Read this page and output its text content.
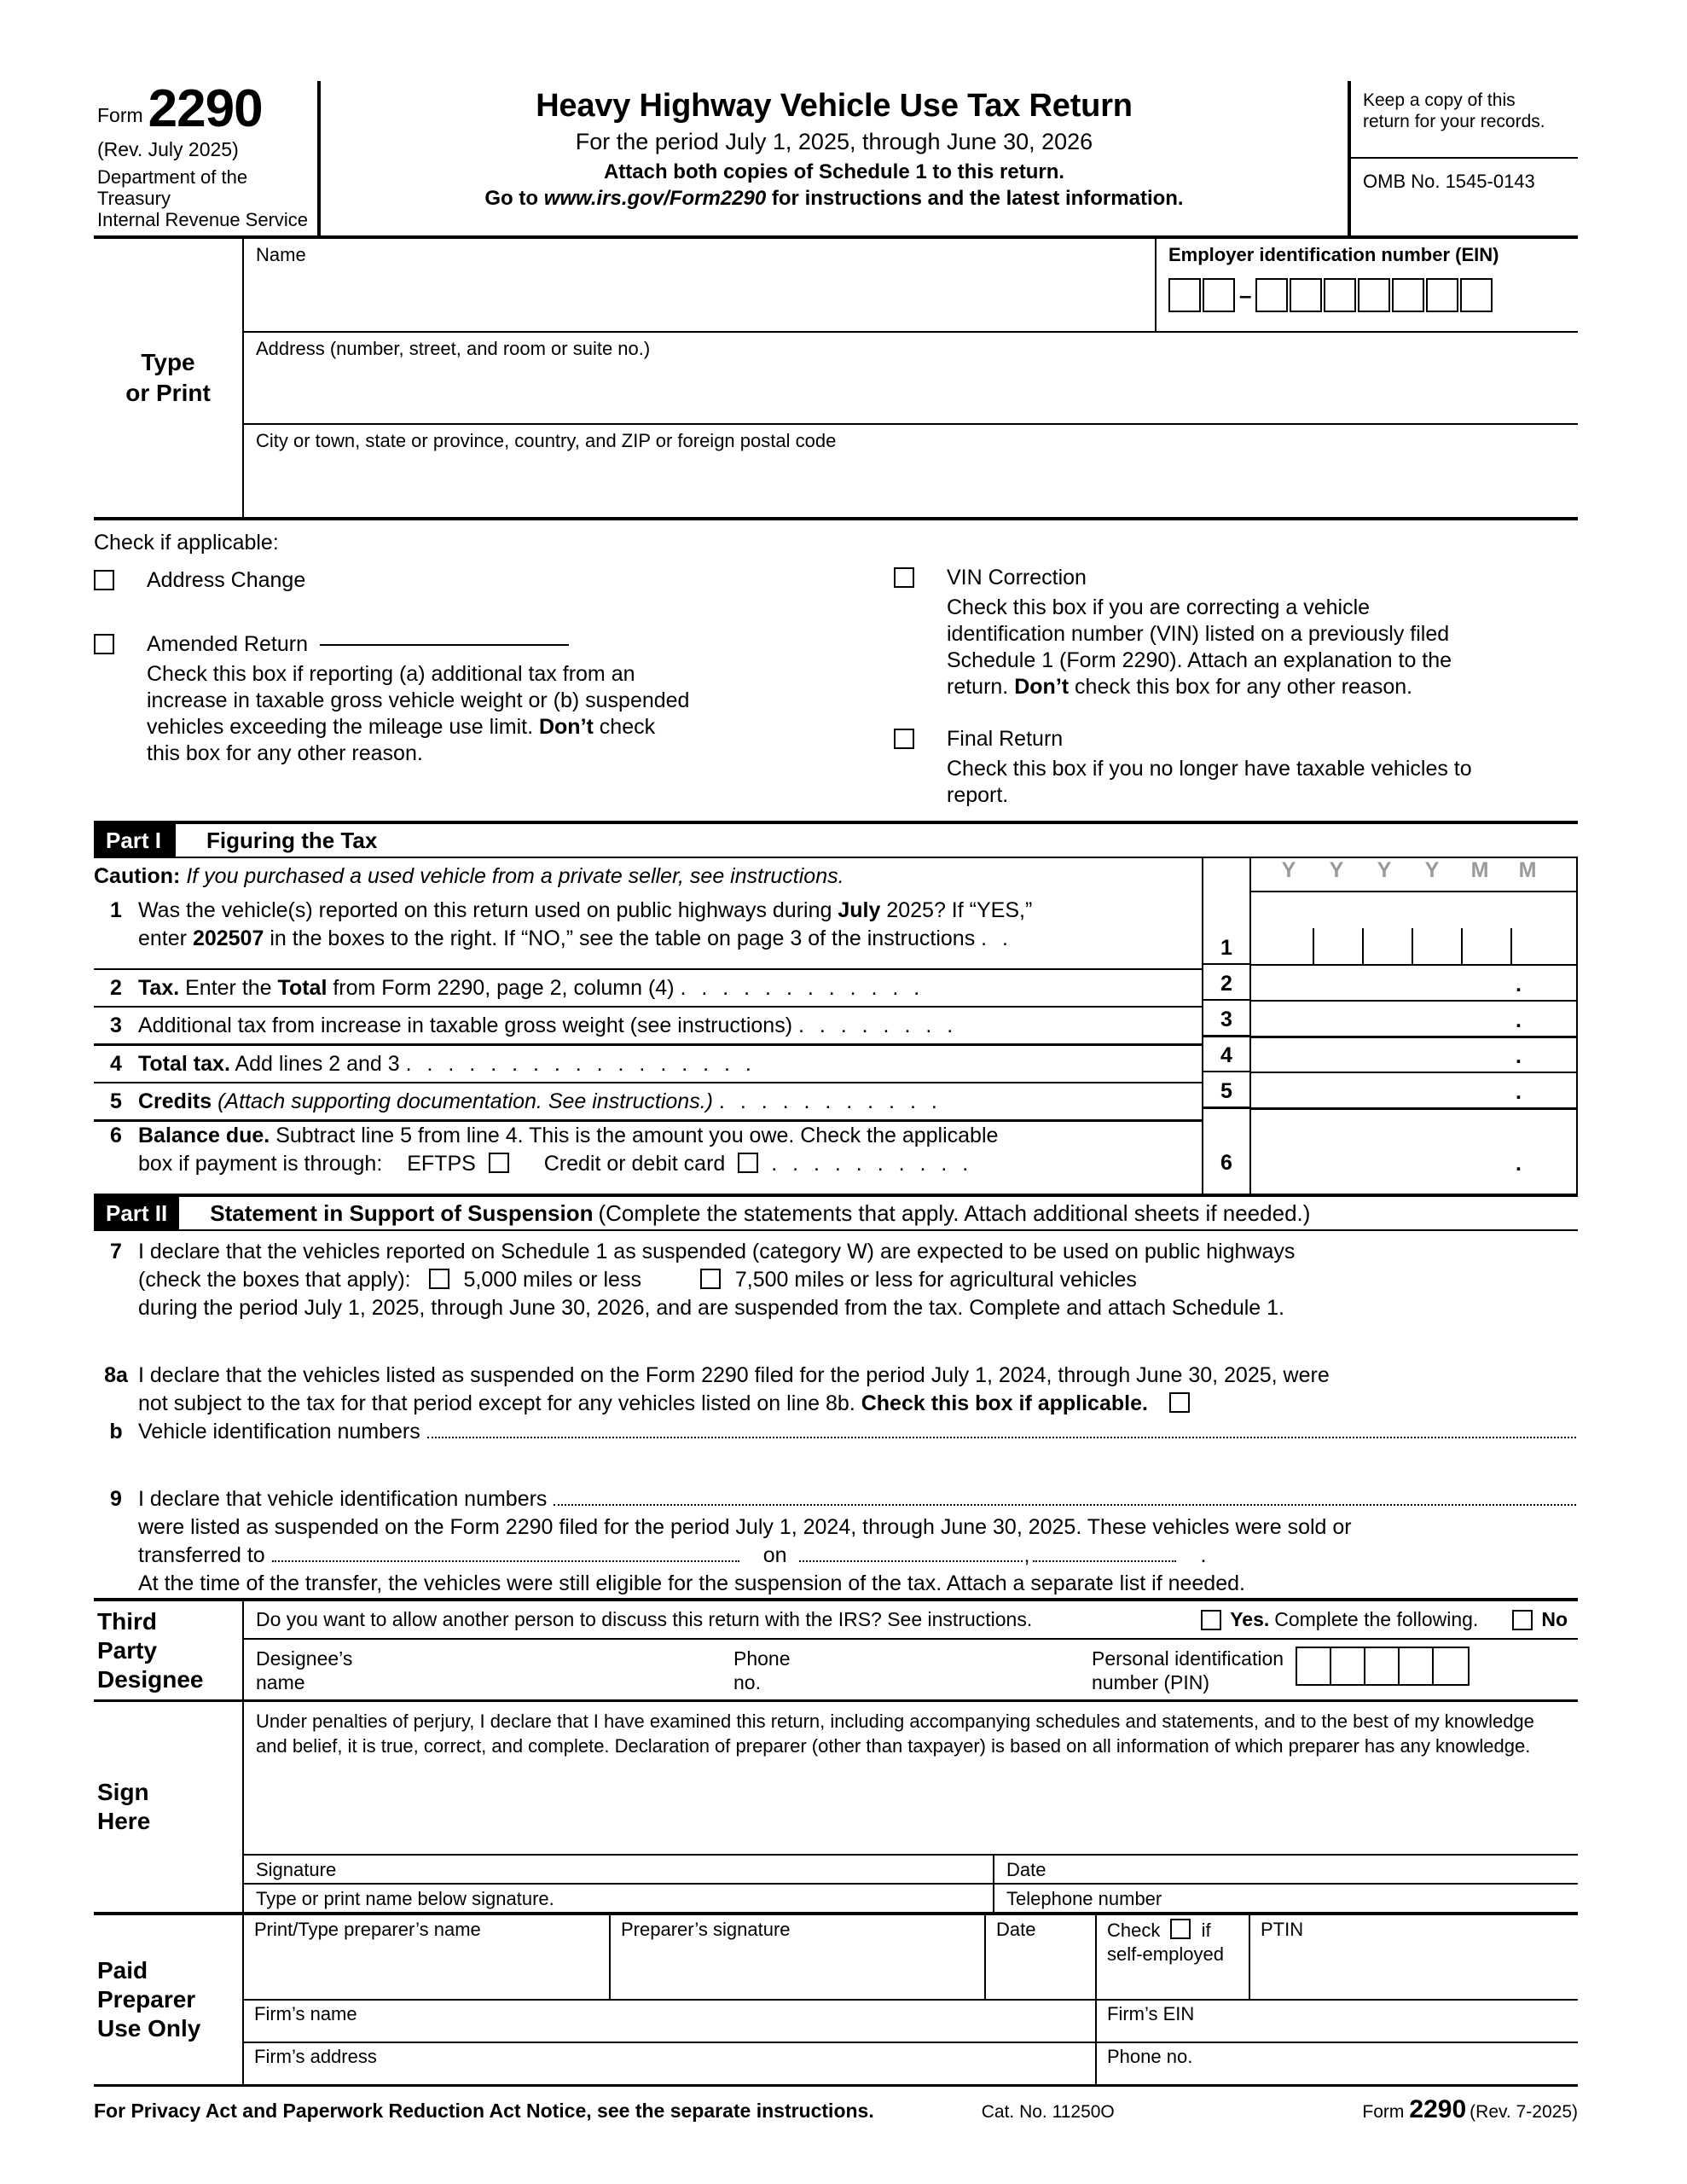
Form 2290
(Rev. July 2025)
Department of the Treasury
Internal Revenue Service
Heavy Highway Vehicle Use Tax Return
For the period July 1, 2025, through June 30, 2026
Attach both copies of Schedule 1 to this return.
Go to www.irs.gov/Form2290 for instructions and the latest information.
Keep a copy of this
return for your records.
OMB No. 1545-0143
Type
or Print
Name	Employer identification number (EIN)
–
Address (number, street, and room or suite no.)
City or town, state or province, country, and ZIP or foreign postal code
Check if applicable:
Address Change
Amended Return
Check this box if reporting (a) additional tax from an
increase in taxable gross vehicle weight or (b) suspended
vehicles exceeding the mileage use limit. Don’t check
this box for any other reason.
VIN Correction
Check this box if you are correcting a vehicle
identification number (VIN) listed on a previously filed
Schedule 1 (Form 2290). Attach an explanation to the
return. Don’t check this box for any other reason.
Final Return
Check this box if you no longer have taxable vehicles to
report.
Part I	Figuring the Tax
Caution: If you purchased a used vehicle from a private seller, see instructions.
1 Was the vehicle(s) reported on this return used on public highways during July 2025? If “YES,”
enter 202507 in the boxes to the right. If “NO,” see the table on page 3 of the instructions . .
2 Tax. Enter the Total from Form 2290, page 2, column (4) . . . . . . . . . . . .
3 Additional tax from increase in taxable gross weight (see instructions) . . . . . . . .
4 Total tax. Add lines 2 and 3 . . . . . . . . . . . . . . . . .
5 Credits (Attach supporting documentation. See instructions.) . . . . . . . . . . .
6 Balance due. Subtract line 5 from line 4. This is the amount you owe. Check the applicable
box if payment is through: EFTPS	Credit or debit card . . . . . . . . . .
1
2
3
4
5
6
Y	Y	Y	Y	M	M
.
.
.
.
.
Part II	Statement in Support of Suspension (Complete the statements that apply. Attach additional sheets if needed.)
7 I declare that the vehicles reported on Schedule 1 as suspended (category W) are expected to be used on public highways
(check the boxes that apply): 5,000 miles or less	7,500 miles or less for agricultural vehicles
during the period July 1, 2025, through June 30, 2026, and are suspended from the tax. Complete and attach Schedule 1.
8a I declare that the vehicles listed as suspended on the Form 2290 filed for the period July 1, 2024, through June 30, 2025, were
not subject to the tax for that period except for any vehicles listed on line 8b. Check this box if applicable.
b Vehicle identification numbers
9 I declare that vehicle identification numbers
were listed as suspended on the Form 2290 filed for the period July 1, 2024, through June 30, 2025. These vehicles were sold or
transferred to	on	,	.
At the time of the transfer, the vehicles were still eligible for the suspension of the tax. Attach a separate list if needed.
Third
Party
Designee
Do you want to allow another person to discuss this return with the IRS? See instructions.	Yes. Complete the following.	No
Designee’s
name
Phone
no.
Personal identification
number (PIN)
Sign
Here
Under penalties of perjury, I declare that I have examined this return, including accompanying schedules and statements, and to the best of my knowledge
and belief, it is true, correct, and complete. Declaration of preparer (other than taxpayer) is based on all information of which preparer has any knowledge.
Signature	Date
Type or print name below signature.	Telephone number
Paid
Preparer
Use Only
Print/Type preparer’s name	Preparer’s signature	Date	Check if
self-employed
PTIN
Firm’s name	Firm’s EIN
Firm’s address	Phone no.
For Privacy Act and Paperwork Reduction Act Notice, see the separate instructions.	Cat. No. 11250O	Form 2290 (Rev. 7-2025)
